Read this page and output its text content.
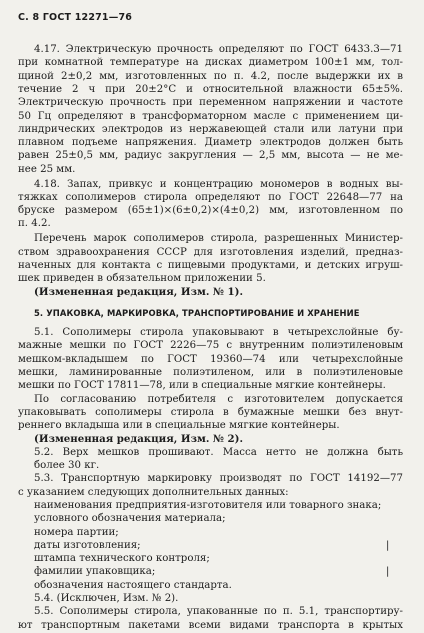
С. 8 ГОСТ 12271—76
4.17. Электрическую прочность определяют по ГОСТ 6433.3—71
при комнатной температуре на дисках диаметром 100±1 мм, тол-
щиной 2±0,2 мм, изготовленных по п. 4.2, после выдержки их в
течение 2 ч при 20±2°С и относительной влажности 65±5%.
Электрическую прочность при переменном напряжении и частоте
50 Гц определяют в трансформаторном масле с применением ци-
линдрических электродов из нержавеющей стали или латуни при
плавном подъеме напряжения. Диаметр электродов должен быть
равен 25±0,5 мм, радиус закругления — 2,5 мм, высота — не ме-
нее 25 мм.
4.18. Запах, привкус и концентрацию мономеров в водных вы-
тяжках сополимеров стирола определяют по ГОСТ 22648—77 на
бруске размером (65±1)×(6±0,2)×(4±0,2) мм, изготовленном по
п. 4.2.
Перечень марок сополимеров стирола, разрешенных Министер-
ством здравоохранения СССР для изготовления изделий, предназ-
наченных для контакта с пищевыми продуктами, и детских игруш-
шек приведен в обязательном приложении 5.
(Измененная редакция, Изм. № 1).
5. УПАКОВКА, МАРКИРОВКА, ТРАНСПОРТИРОВАНИЕ И ХРАНЕНИЕ
5.1. Сополимеры стирола упаковывают в четырехслойные бу-
мажные мешки по ГОСТ 2226—75 с внутренним полиэтиленовым
мешком-вкладышем по ГОСТ 19360—74 или четырехслойные
мешки, ламинированные полиэтиленом, или в полиэтиленовые
мешки по ГОСТ 17811—78, или в специальные мягкие контейнеры.
По согласованию потребителя с изготовителем допускается
упаковывать сополимеры стирола в бумажные мешки без внут-
реннего вкладыша или в специальные мягкие контейнеры.
(Измененная редакция, Изм. № 2).
5.2. Верх мешков прошивают. Масса нетто не должна быть
более 30 кг.
5.3. Транспортную маркировку производят по ГОСТ 14192—77
с указанием следующих дополнительных данных:
наименования предприятия-изготовителя или товарного знака;
условного обозначения материала;
номера партии;
даты изготовления;
штампа технического контроля;
фамилии упаковщика;
обозначения настоящего стандарта.
5.4. (Исключен, Изм. № 2).
5.5. Сополимеры стирола, упакованные по п. 5.1, транспортиру-
ют транспортным пакетами всеми видами транспорта в крытых
|
|
